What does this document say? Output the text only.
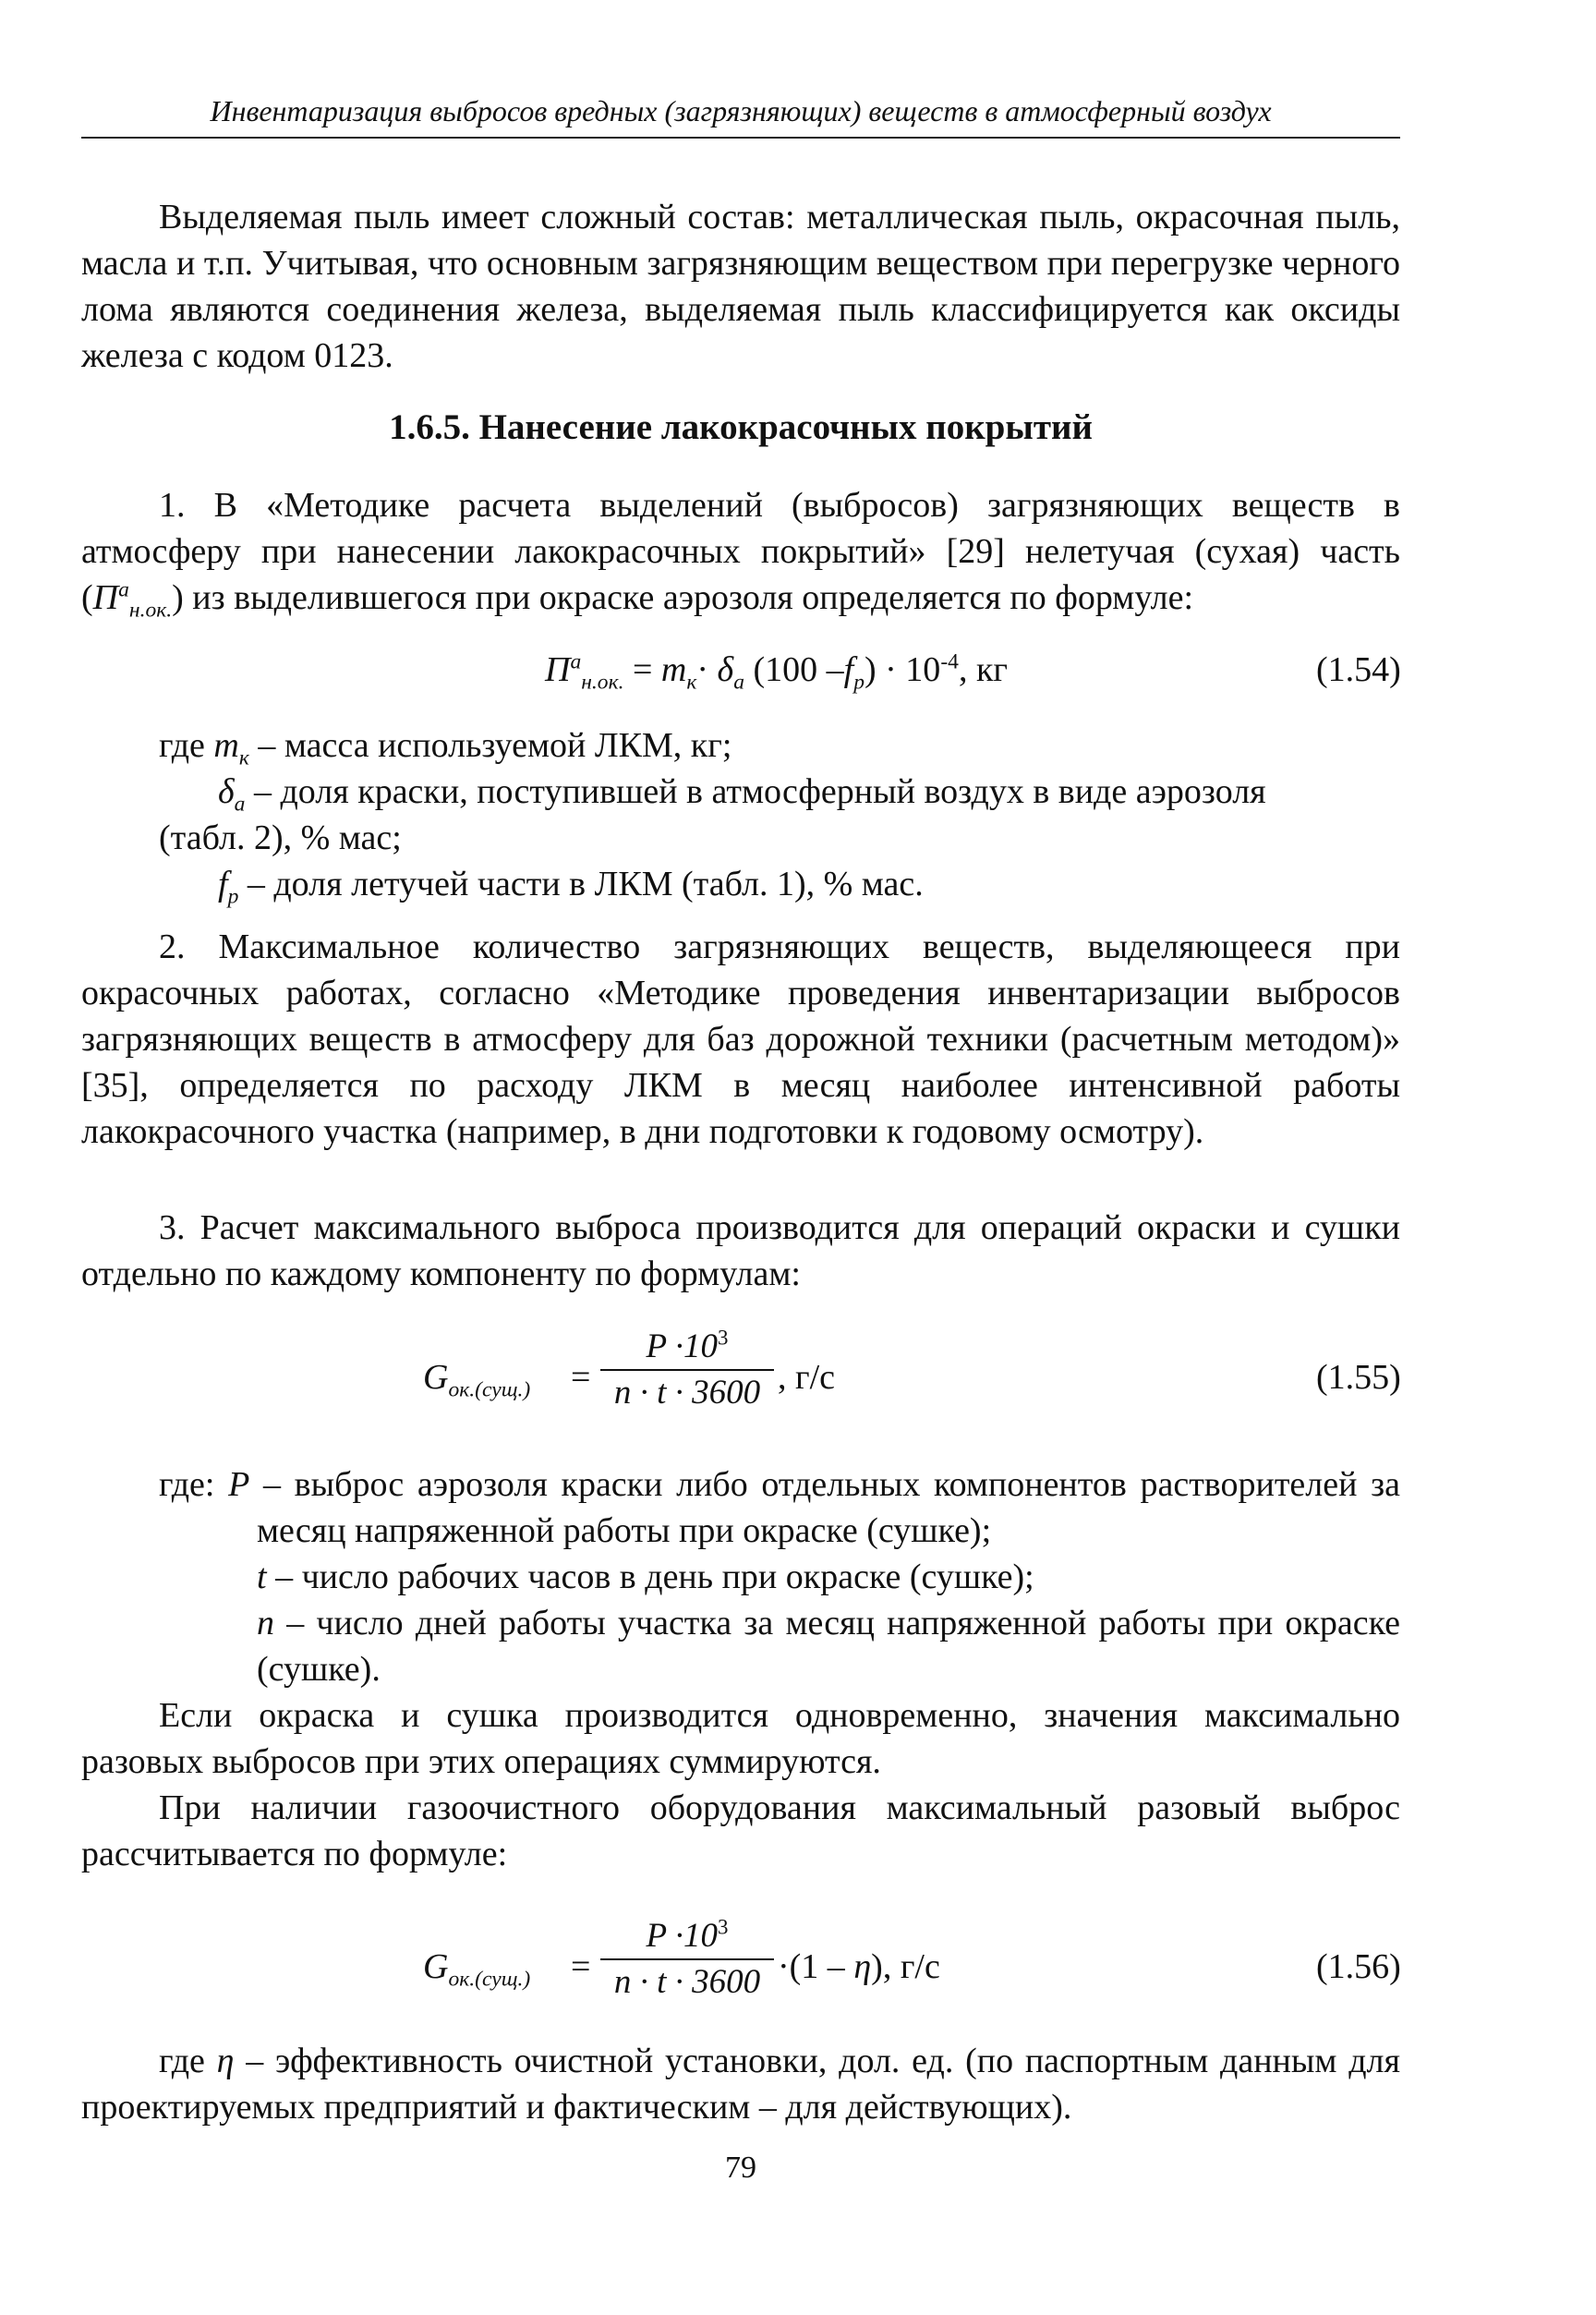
Инвентаризация выбросов вредных (загрязняющих) веществ в атмосферный воздух

Выделяемая пыль имеет сложный состав: металлическая пыль, окрасочная пыль, масла и т.п. Учитывая, что основным загрязняющим веществом при перегрузке черного лома являются соединения железа, выделяемая пыль классифицируется как оксиды железа с кодом 0123.

1.6.5. Нанесение лакокрасочных покрытий

1. В «Методике расчета выделений (выбросов) загрязняющих веществ в атмосферу при нанесении лакокрасочных покрытий» [29] нелетучая (сухая) часть $(П^a_{н.ок.})$ из выделившегося при окраске аэрозоля определяется по формуле:

$П^a_{н.ок.} = m_к\cdot \delta_a$ (100 $-f_p) \cdot 10^{-4}$, кг	(1.54)
где $m_к$ – масса используемой ЛКМ, кг;
$\delta_a$ – доля краски, поступившей в атмосферный воздух в виде аэрозоля
(табл. 2), % мас;
$f_p$ – доля летучей части в ЛКМ (табл. 1), % мас.

2. Максимальное количество загрязняющих веществ, выделяющееся при окрасочных работах, согласно «Методике проведения инвентаризации выбросов загрязняющих веществ в атмосферу для баз дорожной техники (расчетным методом)» [35], определяется по расходу ЛКМ в месяц наиболее интенсивной работы лакокрасочного участка (например, в дни подготовки к годовому осмотру).

3. Расчет максимального выброса производится для операций окраски и сушки отдельно по каждому компоненту по формулам:

$G_{ок.(сущ.)}$ =
$P \cdot 10^3$
n · t · 3600 , г/с	(1.55)
где: P – выброс аэрозоля краски либо отдельных компонентов растворителей за месяц напряженной работы при окраске (сушке);
t – число рабочих часов в день при окраске (сушке);
n – число дней работы участка за месяц напряженной работы при окраске (сушке).

Если окраска и сушка производится одновременно, значения максимально разовых выбросов при этих операциях суммируются.

При наличии газоочистного оборудования максимальный разовый выброс рассчитывается по формуле:

$G_{ок.(сущ.)}$ =
$P \cdot 10^3$
n · t · 3600 ·(1 – η), г/с	(1.56)

где η – эффективность очистной установки, дол. ед. (по паспортным данным для проектируемых предприятий и фактическим – для действующих).

79
